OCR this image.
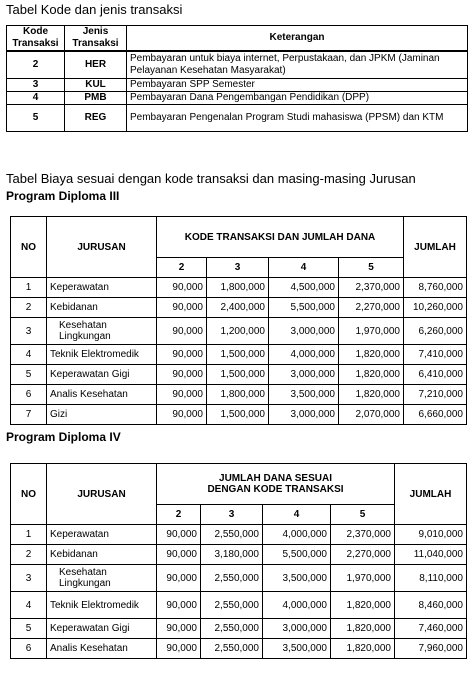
Tabel Kode dan jenis transaksi
Kode Transaksi	Jenis Transaksi	Keterangan
2	HER	Pembayaran untuk biaya internet, Perpustakaan, dan JPKM (Jaminan Pelayanan Kesehatan Masyarakat)
3	KUL	Pembayaran SPP Semester
4	PMB	Pembayaran Dana Pengembangan Pendidikan (DPP)
5	REG	Pembayaran Pengenalan Program Studi mahasiswa (PPSM) dan KTM
Tabel Biaya sesuai dengan kode transaksi dan masing-masing Jurusan
Program Diploma III
NO	JURUSAN	KODE TRANSAKSI DAN JUMLAH DANA				JUMLAH
		2	3	4	5	
1	Keperawatan	90,000	1,800,000	4,500,000	2,370,000	8,760,000
2	Kebidanan	90,000	2,400,000	5,500,000	2,270,000	10,260,000
3	Kesehatan Lingkungan	90,000	1,200,000	3,000,000	1,970,000	6,260,000
4	Teknik Elektromedik	90,000	1,500,000	4,000,000	1,820,000	7,410,000
5	Keperawatan Gigi	90,000	1,500,000	3,000,000	1,820,000	6,410,000
6	Analis Kesehatan	90,000	1,800,000	3,500,000	1,820,000	7,210,000
7	Gizi	90,000	1,500,000	3,000,000	2,070,000	6,660,000
Program Diploma IV
NO	JURUSAN	JUMLAH DANA SESUAI DENGAN KODE TRANSAKSI				JUMLAH
		2	3	4	5	
1	Keperawatan	90,000	2,550,000	4,000,000	2,370,000	9,010,000
2	Kebidanan	90,000	3,180,000	5,500,000	2,270,000	11,040,000
3	Kesehatan Lingkungan	90,000	2,550,000	3,500,000	1,970,000	8,110,000
4	Teknik Elektromedik	90,000	2,550,000	4,000,000	1,820,000	8,460,000
5	Keperawatan Gigi	90,000	2,550,000	3,000,000	1,820,000	7,460,000
6	Analis Kesehatan	90,000	2,550,000	3,500,000	1,820,000	7,960,000
